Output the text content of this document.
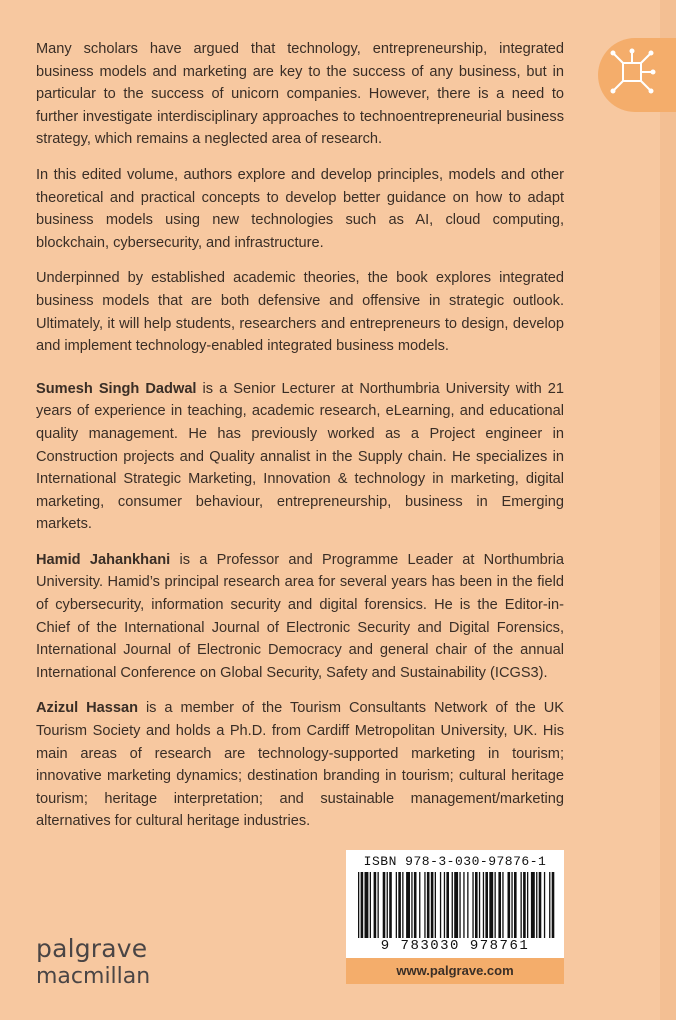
Many scholars have argued that technology, entrepreneurship, integrated business models and marketing are key to the success of any business, but in particular to the success of unicorn companies. However, there is a need to further investigate interdisciplinary approaches to technoentrepreneurial business strategy, which remains a neglected area of research.

In this edited volume, authors explore and develop principles, models and other theoretical and practical concepts to develop better guidance on how to adapt business models using new technologies such as AI, cloud computing, blockchain, cybersecurity, and infrastructure.

Underpinned by established academic theories, the book explores integrated business models that are both defensive and offensive in strategic outlook. Ultimately, it will help students, researchers and entrepreneurs to design, develop and implement technology-enabled integrated business models.

Sumesh Singh Dadwal is a Senior Lecturer at Northumbria University with 21 years of experience in teaching, academic research, eLearning, and educational quality management. He has previously worked as a Project engineer in Construction projects and Quality annalist in the Supply chain. He specializes in International Strategic Marketing, Innovation & technology in marketing, digital marketing, consumer behaviour, entrepreneurship, business in Emerging markets.

Hamid Jahankhani is a Professor and Programme Leader at Northumbria University. Hamid’s principal research area for several years has been in the field of cybersecurity, information security and digital forensics. He is the Editor-in-Chief of the International Journal of Electronic Security and Digital Forensics, International Journal of Electronic Democracy and general chair of the annual International Conference on Global Security, Safety and Sustainability (ICGS3).

Azizul Hassan is a member of the Tourism Consultants Network of the UK Tourism Society and holds a Ph.D. from Cardiff Metropolitan University, UK. His main areas of research are technology-supported marketing in tourism; innovative marketing dynamics; destination branding in tourism; cultural heritage tourism; heritage interpretation; and sustainable management/marketing alternatives for cultural heritage industries.

ISBN 978-3-030-97876-1
9 783030 978761
www.palgrave.com
palgrave
macmillan
